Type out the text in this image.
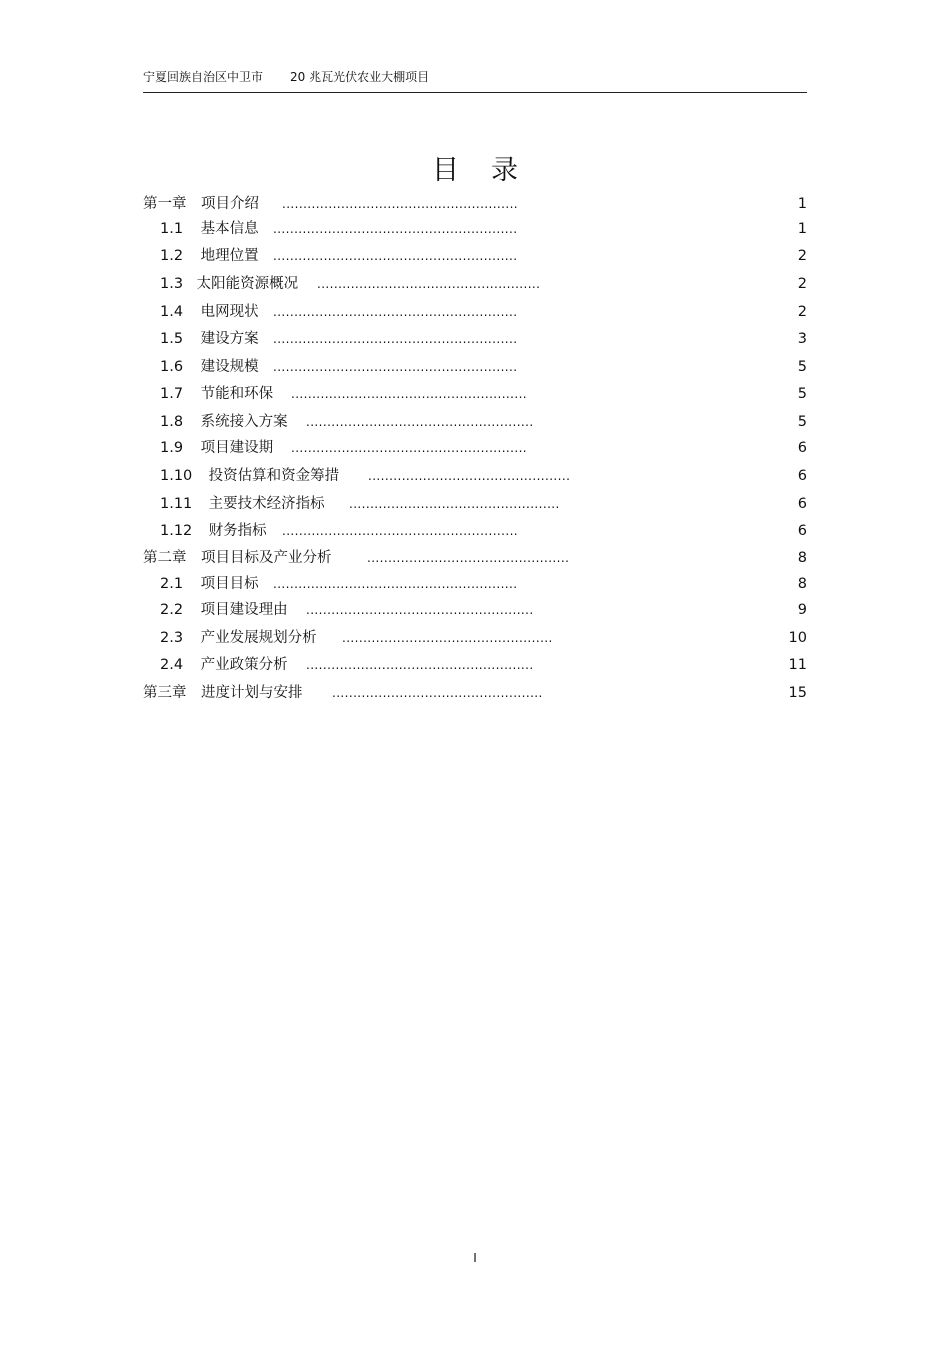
宁夏回族自治区中卫市 20 兆瓦光伏农业大棚项目
目录
第一章　项目介绍 ........................................................	1
1.1 基本信息 ..........................................................	1
1.2 地理位置 ..........................................................	2
1.3 太阳能资源概况 .....................................................	2
1.4 电网现状 ..........................................................	2
1.5 建设方案 ..........................................................	3
1.6 建设规模 ..........................................................	5
1.7 节能和环保 ........................................................	5
1.8 系统接入方案 ......................................................	5
1.9 项目建设期 ........................................................	6
1.10 投资估算和资金筹措 ................................................	6
1.11 主要技术经济指标 ..................................................	6
1.12 财务指标 ........................................................	6
第二章　项目目标及产业分析	................................................	8
2.1 项目目标 ..........................................................	8
2.2 项目建设理由 ......................................................	9
2.3 产业发展规划分析 ..................................................	10
2.4 产业政策分析 ......................................................	11
第三章　进度计划与安排 ..................................................	15
I
